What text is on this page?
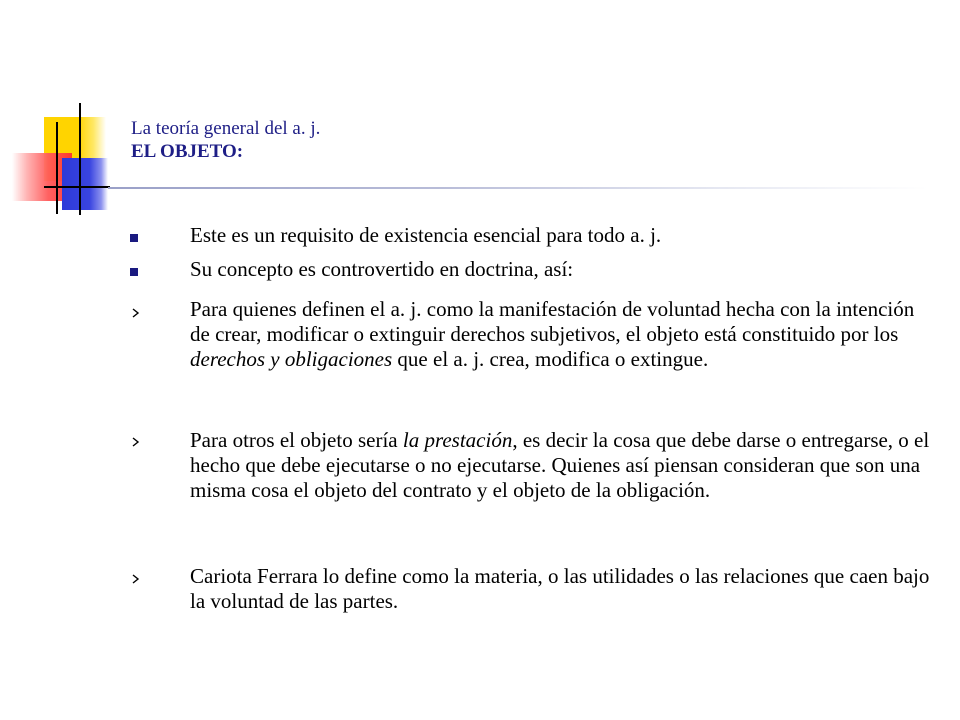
La teoría general del a. j.

EL OBJETO:

Este es un requisito de existencia esencial para todo a. j.

Su concepto es controvertido en doctrina, así:

Para quienes definen el a. j. como la manifestación de voluntad hecha con la intención de crear, modificar o extinguir derechos subjetivos, el objeto está constituido por los derechos y obligaciones que el a. j. crea, modifica o extingue.

Para otros el objeto sería la prestación, es decir la cosa que debe darse o entregarse, o el hecho que debe ejecutarse o no ejecutarse. Quienes así piensan consideran que son una misma cosa el objeto del contrato y el objeto de la obligación.

Cariota Ferrara lo define como la materia, o las utilidades o las relaciones que caen bajo la voluntad de las partes.
